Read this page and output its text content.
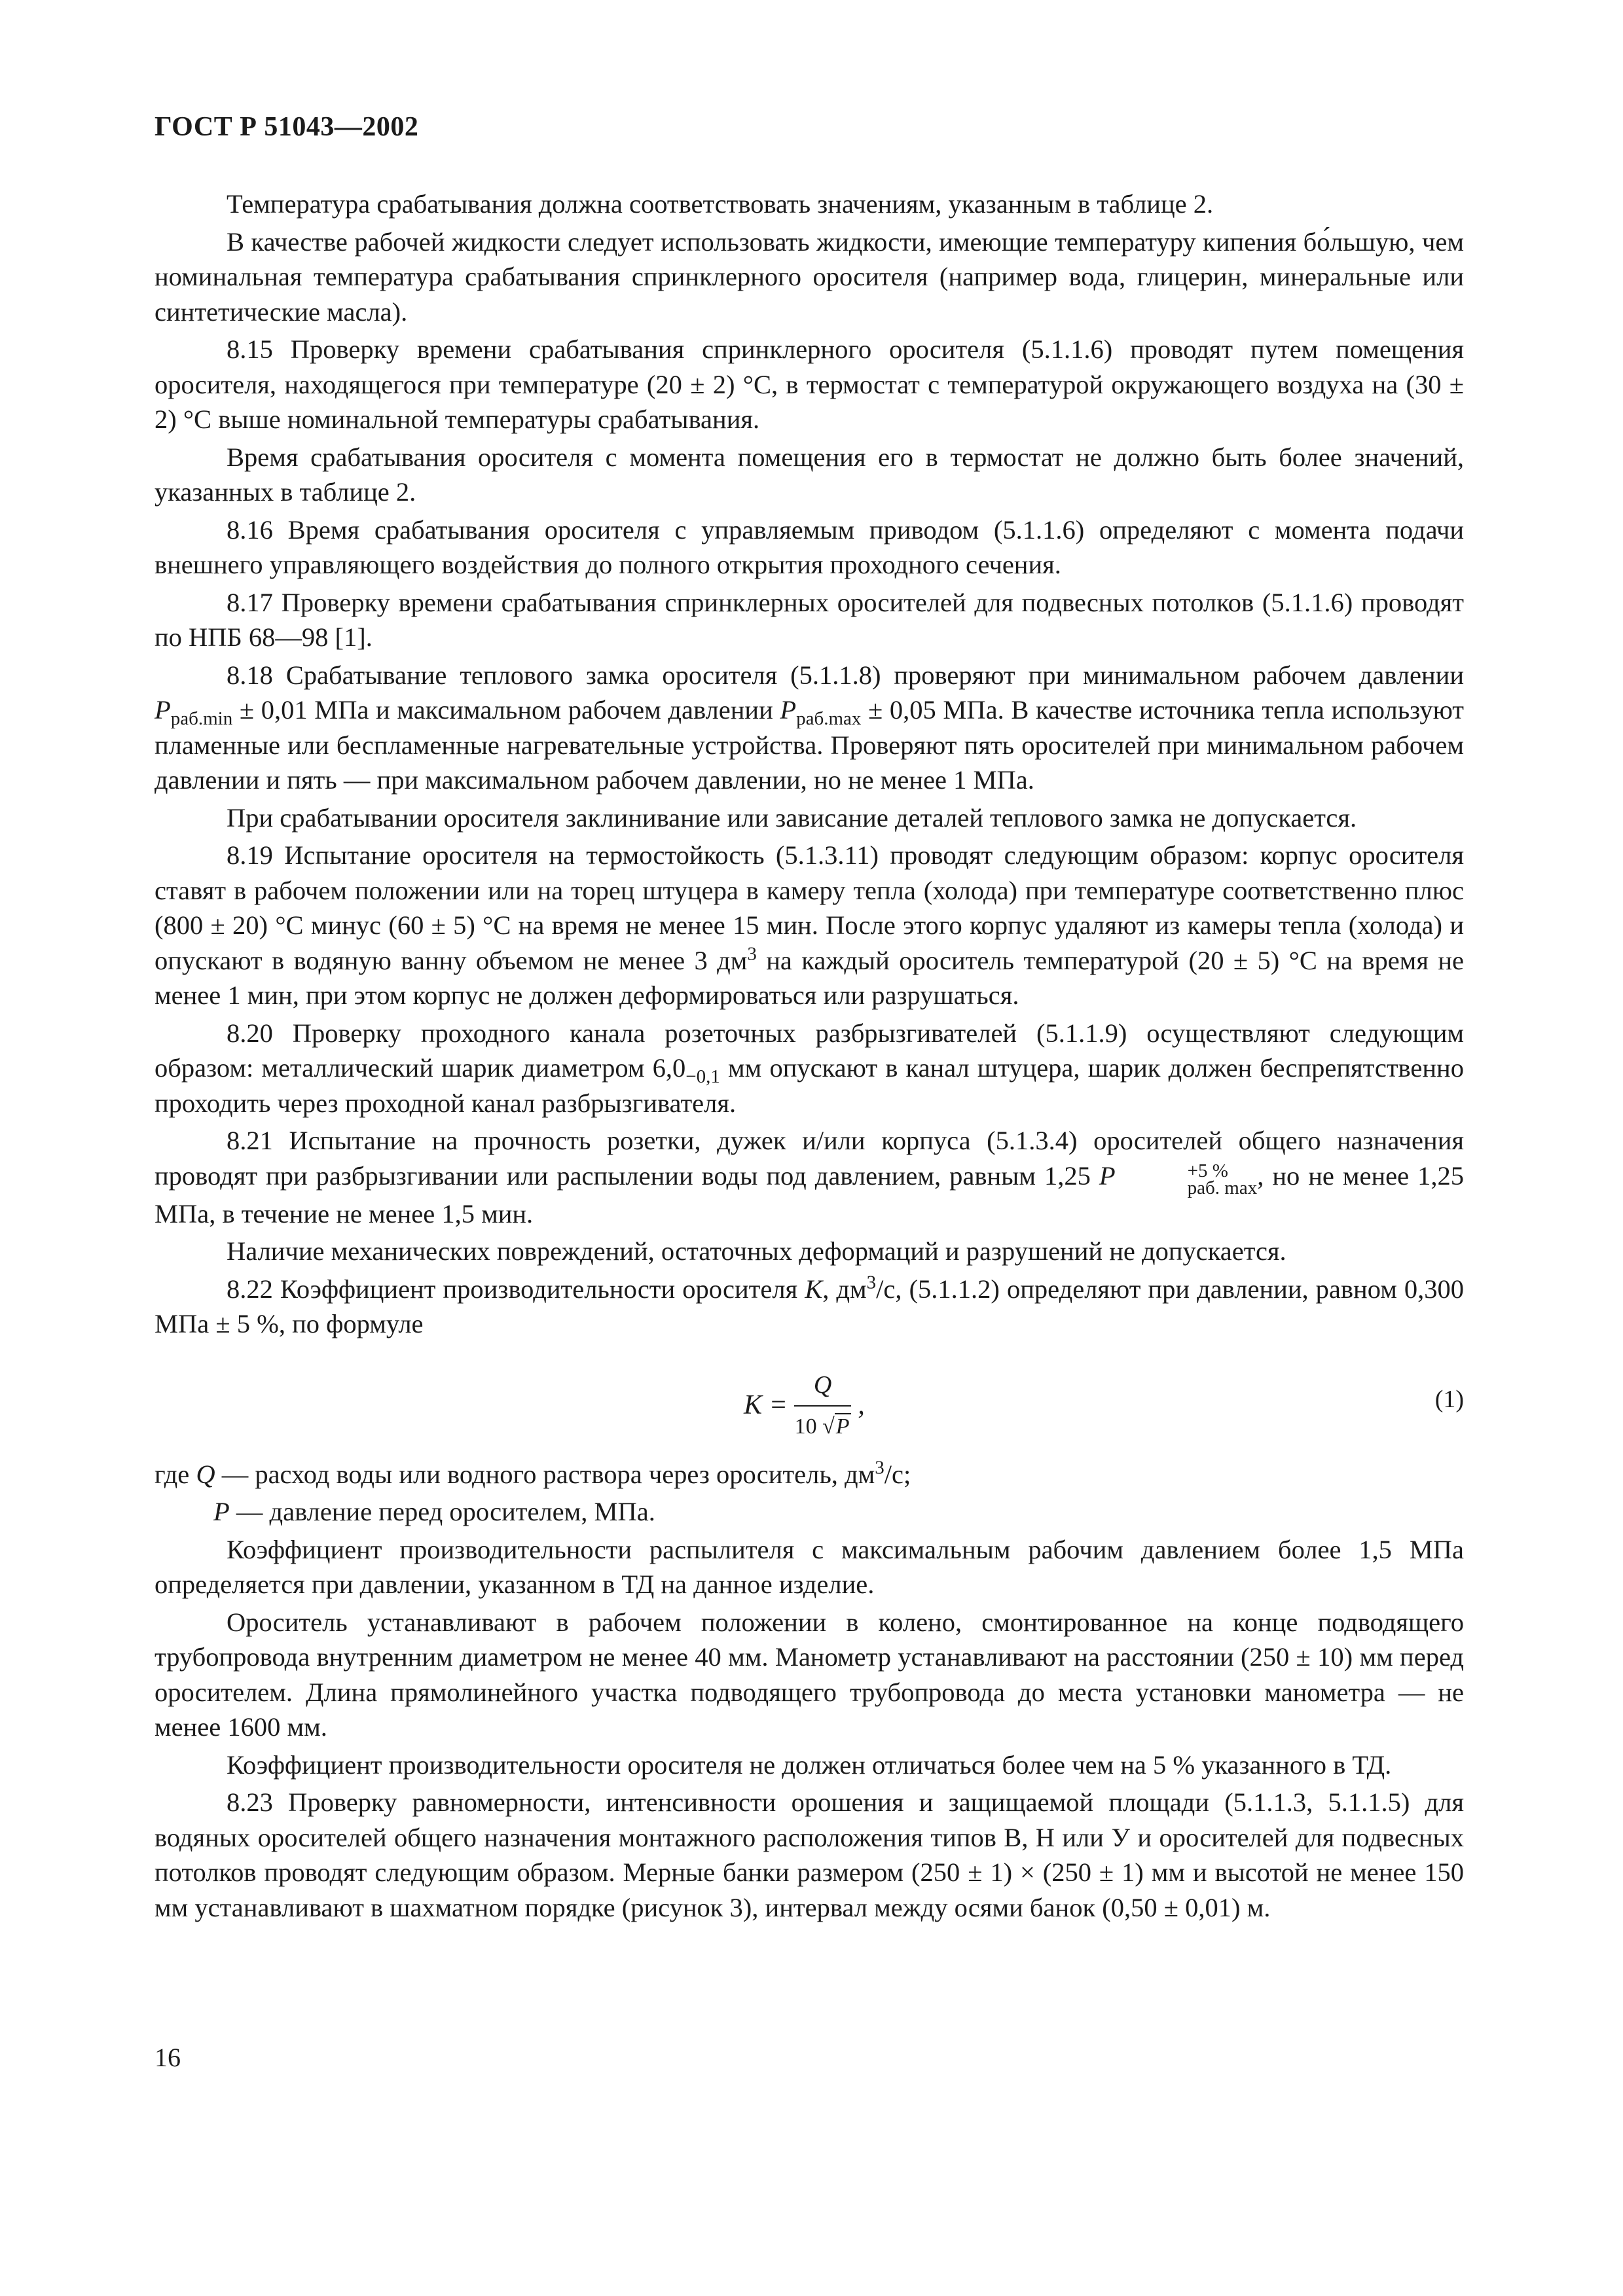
ГОСТ Р 51043—2002

Температура срабатывания должна соответствовать значениям, указанным в таблице 2.

В качестве рабочей жидкости следует использовать жидкости, имеющие температуру кипения бо́льшую, чем номинальная температура срабатывания спринклерного оросителя (например вода, глицерин, минеральные или синтетические масла).

8.15 Проверку времени срабатывания спринклерного оросителя (5.1.1.6) проводят путем помещения оросителя, находящегося при температуре (20 ± 2) °С, в термостат с температурой окружающего воздуха на (30 ± 2) °С выше номинальной температуры срабатывания.

Время срабатывания оросителя с момента помещения его в термостат не должно быть более значений, указанных в таблице 2.

8.16 Время срабатывания оросителя с управляемым приводом (5.1.1.6) определяют с момента подачи внешнего управляющего воздействия до полного открытия проходного сечения.

8.17 Проверку времени срабатывания спринклерных оросителей для подвесных потолков (5.1.1.6) проводят по НПБ 68—98 [1].

8.18 Срабатывание теплового замка оросителя (5.1.1.8) проверяют при минимальном рабочем давлении $P_{раб.min} \pm 0,01$ МПа и максимальном рабочем давлении $P_{раб.max} \pm 0,05$ МПа. В качестве источника тепла используют пламенные или беспламенные нагревательные устройства. Проверяют пять оросителей при минимальном рабочем давлении и пять — при максимальном рабочем давлении, но не менее 1 МПа.

При срабатывании оросителя заклинивание или зависание деталей теплового замка не допускается.

8.19 Испытание оросителя на термостойкость (5.1.3.11) проводят следующим образом: корпус оросителя ставят в рабочем положении или на торец штуцера в камеру тепла (холода) при температуре соответственно плюс (800 ± 20) °С минус (60 ± 5) °С на время не менее 15 мин. После этого корпус удаляют из камеры тепла (холода) и опускают в водяную ванну объемом не менее 3 $дм^3$ на каждый ороситель температурой (20 ± 5) °С на время не менее 1 мин, при этом корпус не должен деформироваться или разрушаться.

8.20 Проверку проходного канала розеточных разбрызгивателей (5.1.1.9) осуществляют следующим образом: металлический шарик диаметром $6,0_{-0,1}$ мм опускают в канал штуцера, шарик должен беспрепятственно проходить через проходной канал разбрызгивателя.

8.21 Испытание на прочность розетки, дужек и/или корпуса (5.1.3.4) оросителей общего назначения проводят при разбрызгивании или распылении воды под давлением, равным 1,25 P	+5 %
раб. max , но не менее 1,25 МПа, в течение не менее 1,5 мин.

Наличие механических повреждений, остаточных деформаций и разрушений не допускается.

8.22 Коэффициент производительности оросителя K, $дм^3/с$, (5.1.1.2) определяют при давлении, равном 0,300 МПа ± 5 %, по формуле

$K = \frac{Q}{10 √P}$ ,	(1)

где Q — расход воды или водного раствора через ороситель, $дм^3/с$;

P — давление перед оросителем, МПа.

Коэффициент производительности распылителя с максимальным рабочим давлением более 1,5 МПа определяется при давлении, указанном в ТД на данное изделие.

Ороситель устанавливают в рабочем положении в колено, смонтированное на конце подводящего трубопровода внутренним диаметром не менее 40 мм. Манометр устанавливают на расстоянии (250 ± 10) мм перед оросителем. Длина прямолинейного участка подводящего трубопровода до места установки манометра — не менее 1600 мм.

Коэффициент производительности оросителя не должен отличаться более чем на 5 % указанного в ТД.

8.23 Проверку равномерности, интенсивности орошения и защищаемой площади (5.1.1.3, 5.1.1.5) для водяных оросителей общего назначения монтажного расположения типов В, Н или У и оросителей для подвесных потолков проводят следующим образом. Мерные банки размером (250 ± 1) × (250 ± 1) мм и высотой не менее 150 мм устанавливают в шахматном порядке (рисунок 3), интервал между осями банок (0,50 ± 0,01) м.

16
